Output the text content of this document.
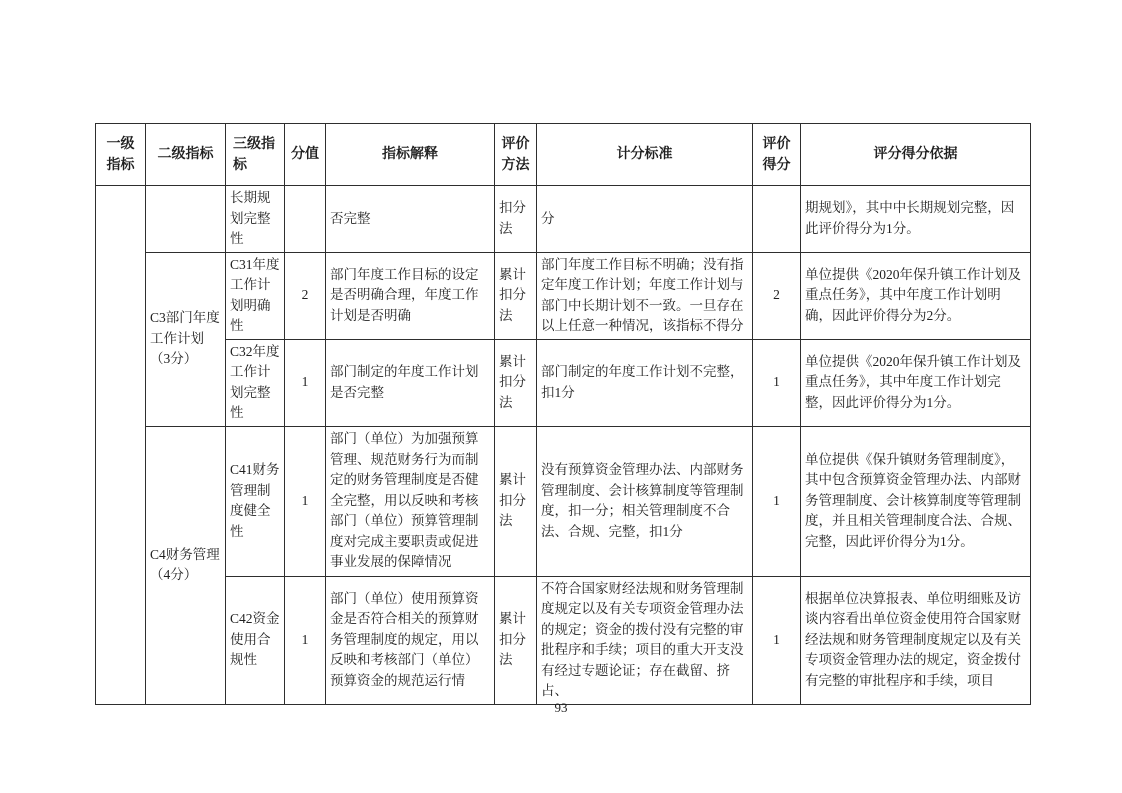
一级指标	二级指标	三级指标	分值	指标解释	评价方法	计分标准	评价得分	评分得分依据
		长期规划完整性		否完整	扣分法	分		期规划》，其中中长期规划完整，因此评价得分为1分。
	C3部门年度工作计划（3分）	C31年度工作计划明确性	2	部门年度工作目标的设定是否明确合理，年度工作计划是否明确	累计扣分法	部门年度工作目标不明确；没有指定年度工作计划；年度工作计划与部门中长期计划不一致。一旦存在以上任意一种情况，该指标不得分	2	单位提供《2020年保升镇工作计划及重点任务》，其中年度工作计划明确，因此评价得分为2分。
		C32年度工作计划完整性	1	部门制定的年度工作计划是否完整	累计扣分法	部门制定的年度工作计划不完整，扣1分	1	单位提供《2020年保升镇工作计划及重点任务》，其中年度工作计划完整，因此评价得分为1分。
	C4财务管理（4分）	C41财务管理制度健全性	1	部门（单位）为加强预算管理、规范财务行为而制定的财务管理制度是否健全完整，用以反映和考核部门（单位）预算管理制度对完成主要职责或促进事业发展的保障情况	累计扣分法	没有预算资金管理办法、内部财务管理制度、会计核算制度等管理制度，扣一分；相关管理制度不合法、合规、完整，扣1分	1	单位提供《保升镇财务管理制度》，其中包含预算资金管理办法、内部财务管理制度、会计核算制度等管理制度，并且相关管理制度合法、合规、完整，因此评价得分为1分。
		C42资金使用合规性	1	部门（单位）使用预算资金是否符合相关的预算财务管理制度的规定，用以反映和考核部门（单位）预算资金的规范运行情	累计扣分法	不符合国家财经法规和财务管理制度规定以及有关专项资金管理办法的规定；资金的拨付没有完整的审批程序和手续；项目的重大开支没有经过专题论证；存在截留、挤占、	1	根据单位决算报表、单位明细账及访谈内容看出单位资金使用符合国家财经法规和财务管理制度规定以及有关专项资金管理办法的规定，资金拨付有完整的审批程序和手续，项目
93
